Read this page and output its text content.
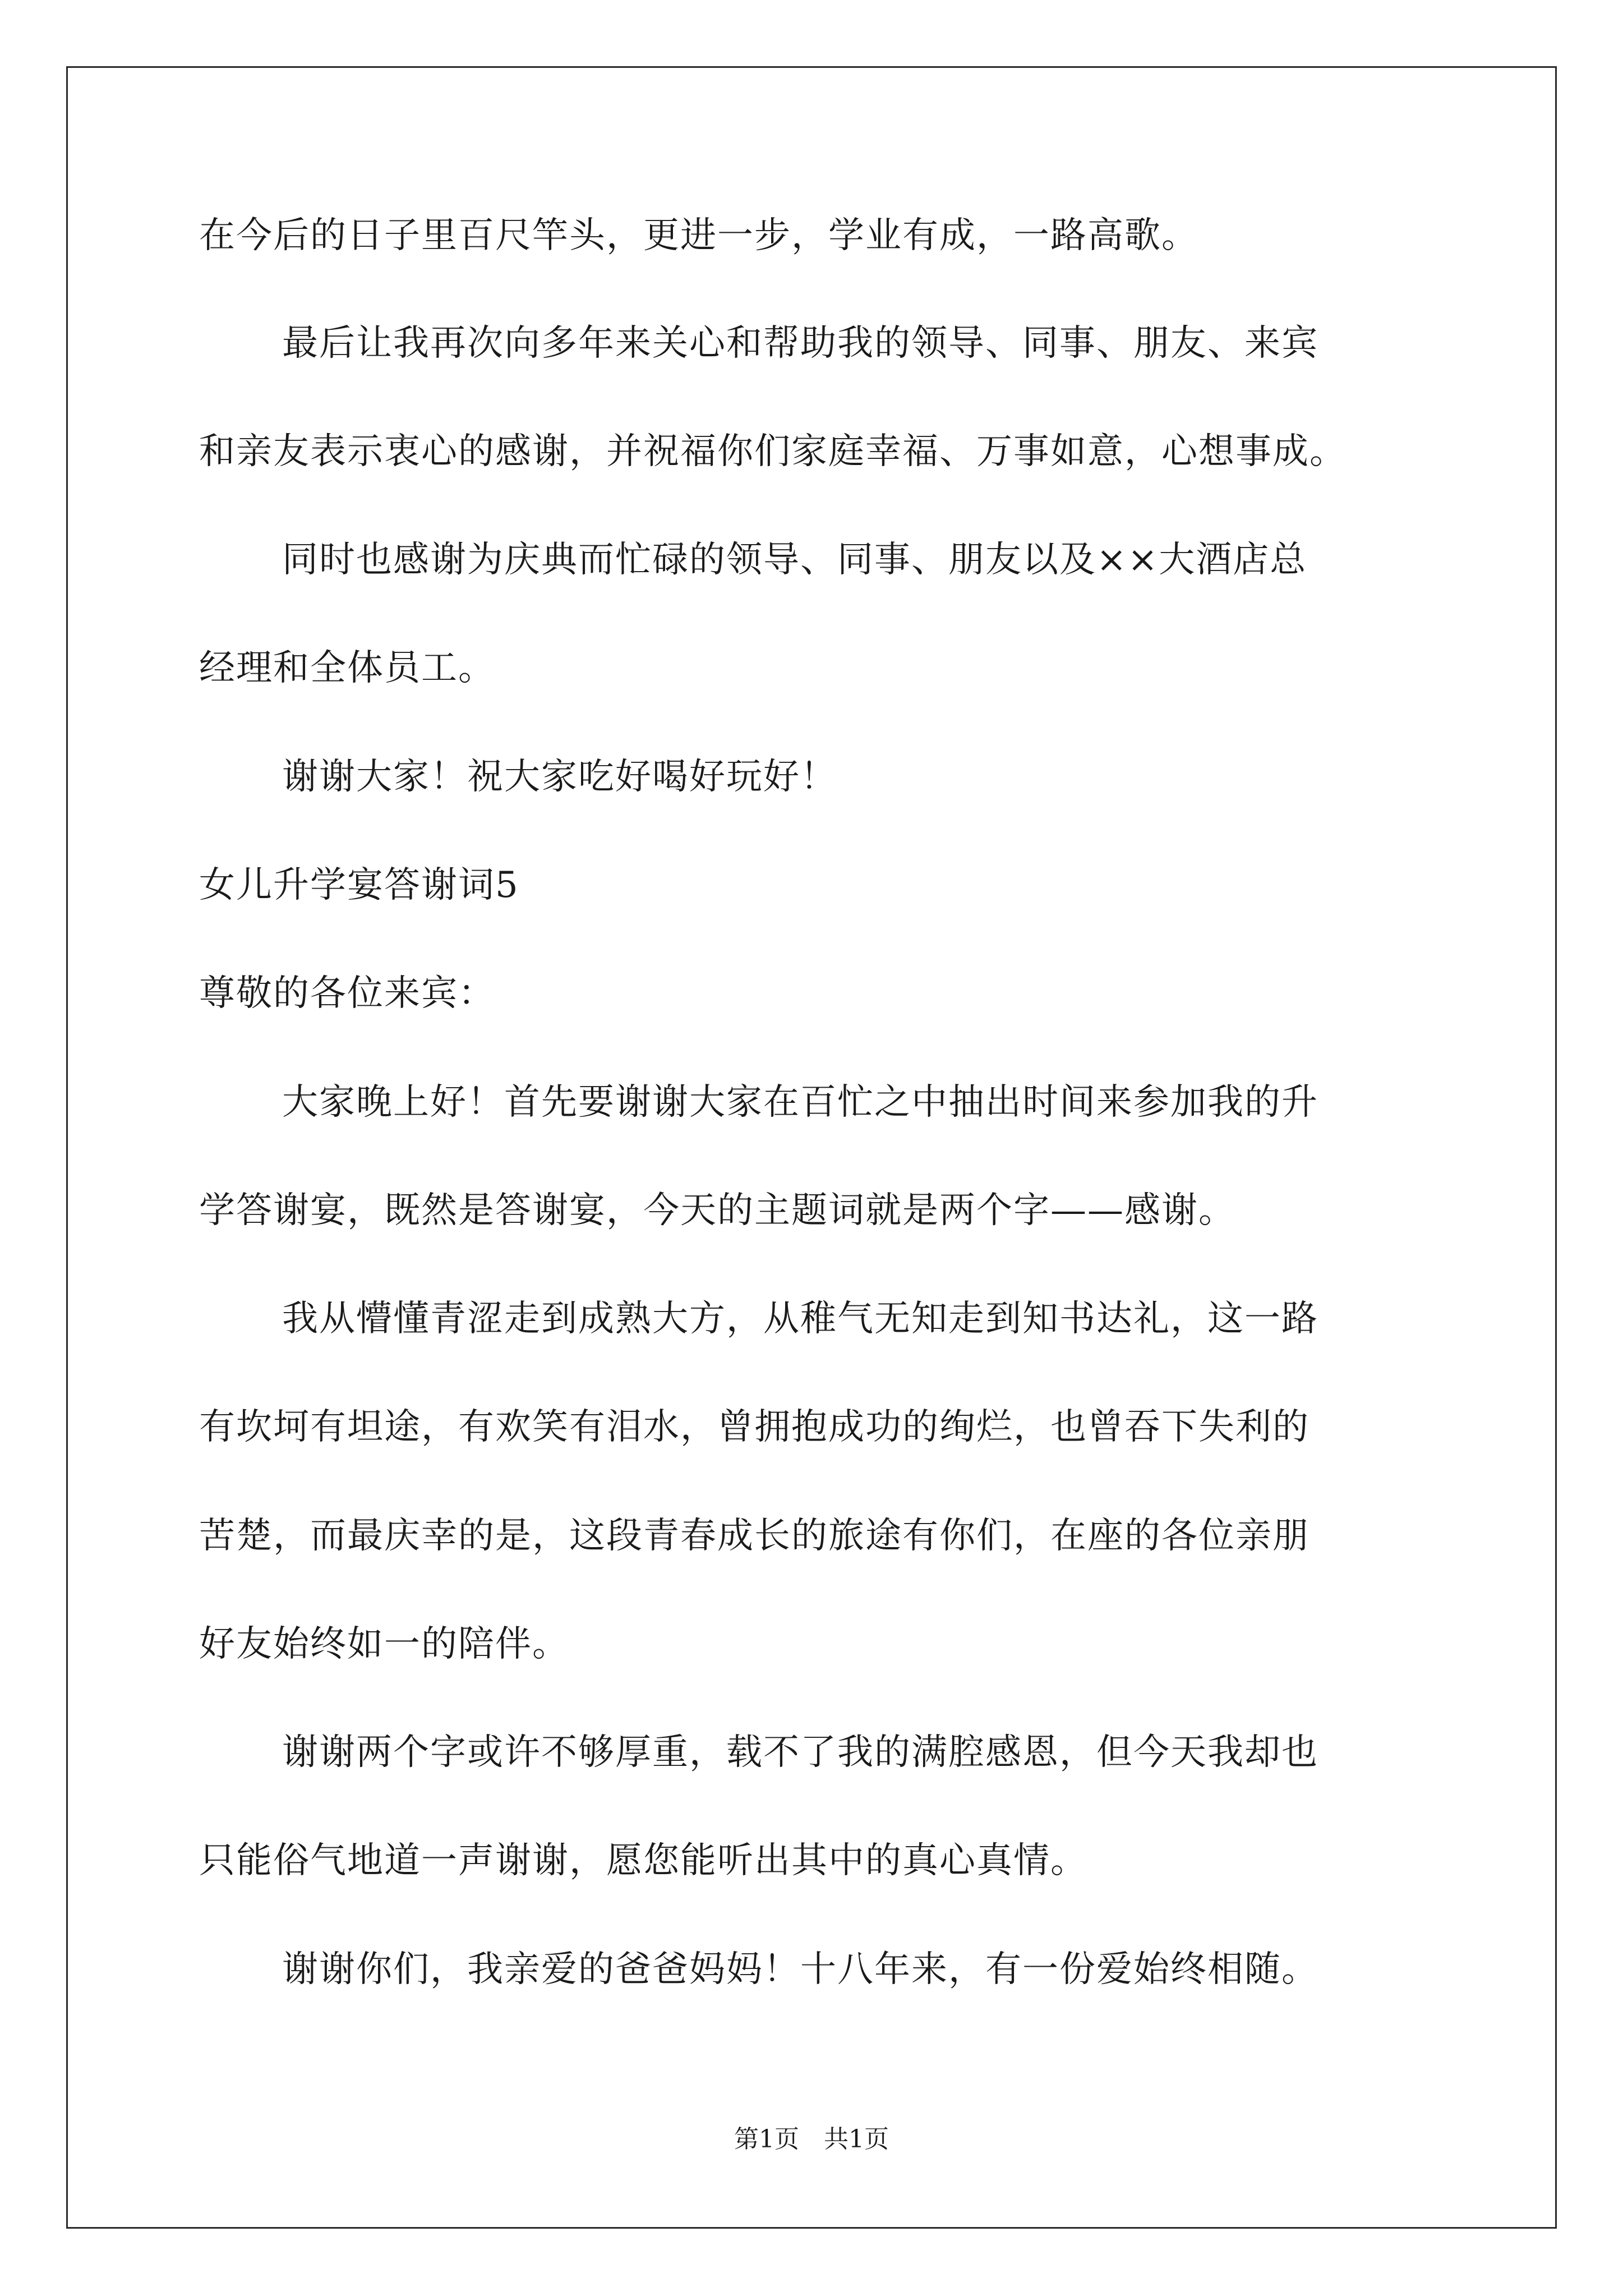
在今后的日子里百尺竿头，更进一步，学业有成，一路高歌。

最后让我再次向多年来关心和帮助我的领导、同事、朋友、来宾

和亲友表示衷心的感谢，并祝福你们家庭幸福、万事如意，心想事成。

同时也感谢为庆典而忙碌的领导、同事、朋友以及××大酒店总

经理和全体员工。

谢谢大家！祝大家吃好喝好玩好！

女儿升学宴答谢词5

尊敬的各位来宾：

大家晚上好！首先要谢谢大家在百忙之中抽出时间来参加我的升

学答谢宴，既然是答谢宴，今天的主题词就是两个字——感谢。

我从懵懂青涩走到成熟大方，从稚气无知走到知书达礼，这一路

有坎坷有坦途，有欢笑有泪水，曾拥抱成功的绚烂，也曾吞下失利的

苦楚，而最庆幸的是，这段青春成长的旅途有你们，在座的各位亲朋

好友始终如一的陪伴。

谢谢两个字或许不够厚重，载不了我的满腔感恩，但今天我却也

只能俗气地道一声谢谢，愿您能听出其中的真心真情。

谢谢你们，我亲爱的爸爸妈妈！十八年来，有一份爱始终相随。

第1页　共1页
